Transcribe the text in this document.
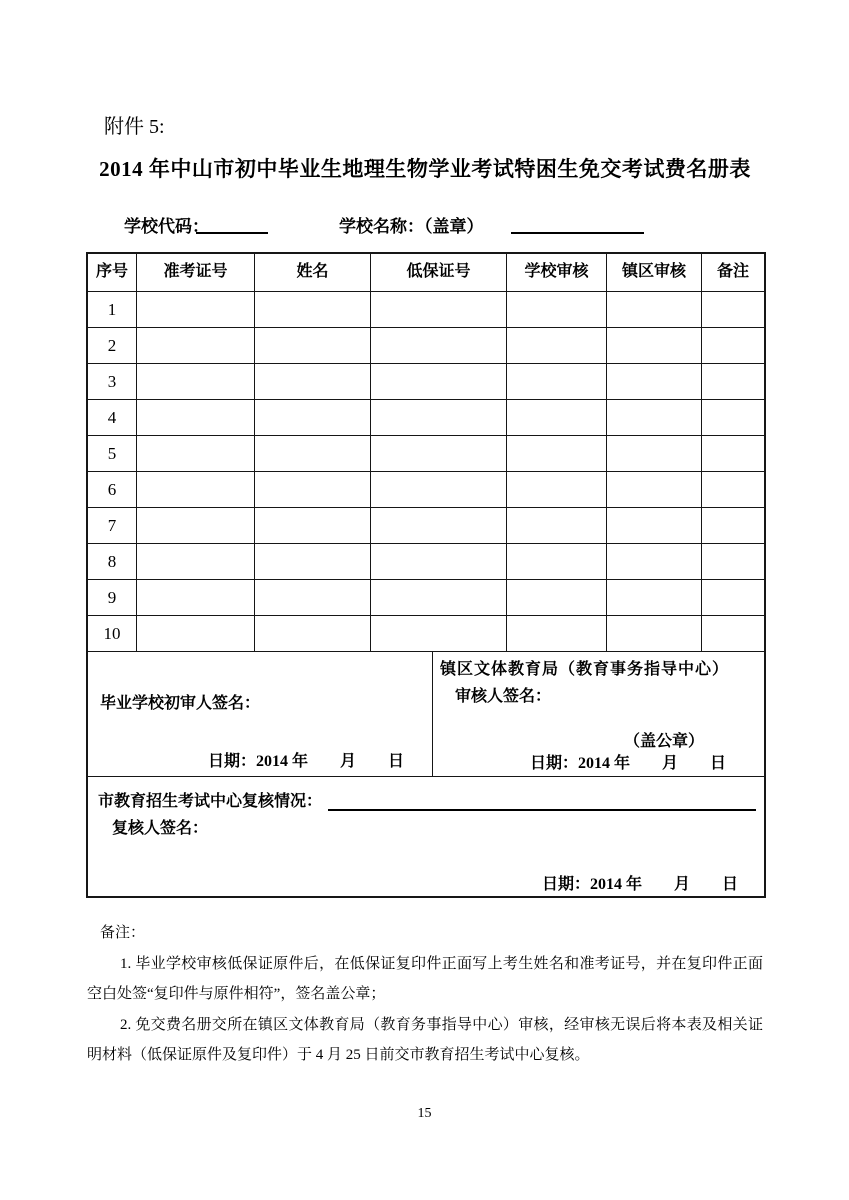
附件 5:
2014 年中山市初中毕业生地理生物学业考试特困生免交考试费名册表
学校代码：	学校名称：（盖章）
序号	准考证号	姓名	低保证号	学校审核	镇区审核	备注
1
2
3
4
5
6
7
8
9
10
毕业学校初审人签名：
日期：2014 年　　月　　日
镇区文体教育局（教育事务指导中心）
审核人签名：
（盖公章）
日期：2014 年　　月　　日
市教育招生考试中心复核情况：
复核人签名：
日期：2014 年　　月　　日
备注：

1. 毕业学校审核低保证原件后，在低保证复印件正面写上考生姓名和准考证号，并在复印件正面空白处签“复印件与原件相符”，签名盖公章；

2. 免交费名册交所在镇区文体教育局（教育务事指导中心）审核，经审核无误后将本表及相关证明材料（低保证原件及复印件）于 4 月 25 日前交市教育招生考试中心复核。

15
